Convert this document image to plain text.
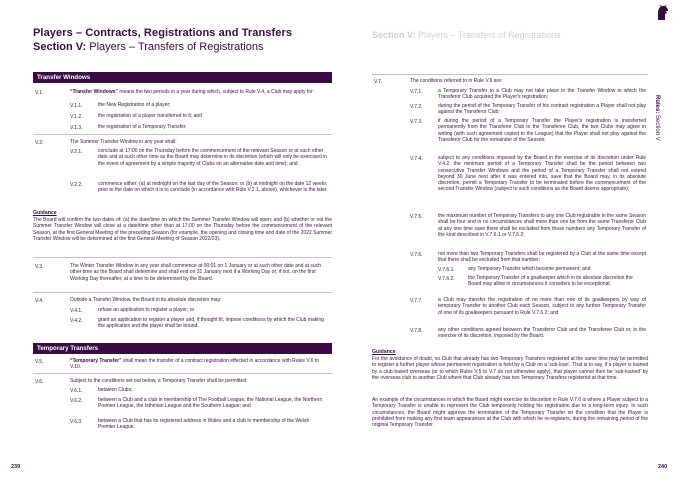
Players – Contracts, Registrations and Transfers
Section V: Players – Transfers of Registrations
Section V: Players – Transfers of Registrations
Rules: Section V
Transfer Windows
V.1.	“Transfer Windows” means the two periods in a year during which, subject to Rule V.4, a Club may apply for:
V.1.1.	the New Registration of a player;
V.1.2.	the registration of a player transferred to it; and
V.1.3.	the registration of a Temporary Transfer.
V.2.	The Summer Transfer Window in any year shall:
V.2.1.	conclude at 17:00 on the Thursday before the commencement of the relevant Season or at such other date and at such other time as the Board may determine in its discretion (which will only be exercised in the event of agreement by a simple majority of Clubs on an alternative date and time); and
V.2.2.	commence either: (a) at midnight on the last day of the Season; or (b) at midnight on the date 12 weeks prior to the date on which it is to conclude (in accordance with Rule V.2.1, above), whichever is the later.
Guidance
The Board will confirm the two dates of: (a) the date/time on which the Summer Transfer Window will open; and (b) whether or not the Summer Transfer Window will close at a date/time other than at 17:00 on the Thursday before the commencement of the relevant Season, at the first General Meeting of the preceding Season (for example, the opening and closing time and date of the 2022 Summer Transfer Window will be determined at the first General Meeting of Season 2022/23).
V.3.	The Winter Transfer Window in any year shall commence at 00:01 on 1 January or at such other date and at such other time as the Board shall determine and shall end on 31 January next if a Working Day or, if not, on the first Working Day thereafter, at a time to be determined by the Board.
V.4.	Outside a Transfer Window, the Board in its absolute discretion may:
V.4.1.	refuse an application to register a player; or
V.4.2.	grant an application to register a player and, if thought fit, impose conditions by which the Club making the application and the player shall be bound.
Temporary Transfers
V.5.	“Temporary Transfer” shall mean the transfer of a contract registration effected in accordance with Rules V.6 to V.10.
V.6.	Subject to the conditions set out below, a Temporary Transfer shall be permitted:
V.6.1.	between Clubs;
V.6.2.	between a Club and a club in membership of The Football League, the National League, the Northern Premier League, the Isthmian League and the Southern League; and
V.6.3.	between a Club that has its registered address in Wales and a club in membership of the Welsh Premier League.
V.7.	The conditions referred to in Rule V.6 are:
V.7.1.	a Temporary Transfer to a Club may not take place in the Transfer Window in which the Transferor Club acquired the Player's registration;
V.7.2.	during the period of the Temporary Transfer of his contract registration a Player shall not play against the Transferor Club;
V.7.3.	if during the period of a Temporary Transfer the Player's registration is transferred permanently from the Transferor Club to the Transferee Club, the two Clubs may agree in writing (with such agreement copied to the League) that the Player shall not play against the Transferor Club for the remainder of the Season;
V.7.4.	subject to any conditions imposed by the Board in the exercise of its discretion under Rule V.4.2, the minimum period of a Temporary Transfer shall be the period between two consecutive Transfer Windows and the period of a Temporary Transfer shall not extend beyond 30 June next after it was entered into, save that the Board may, in its absolute discretion, permit a Temporary Transfer to be terminated before the commencement of the second Transfer Window (subject to such conditions as the Board deems appropriate);
V.7.5.	the maximum number of Temporary Transfers to any one Club registrable in the same Season shall be four and in no circumstances shall more than one be from the same Transferor Club at any one time save there shall be excluded from these numbers any Temporary Transfer of the kind described in V.7.6.1 or V.7.6.2;
V.7.6.	not more than two Temporary Transfers shall be registered by a Club at the same time except that there shall be excluded from that number:
V.7.6.1.	any Temporary Transfer which become permanent; and
V.7.6.2.	the Temporary Transfer of a goalkeeper which in its absolute discretion the Board may allow in circumstances it considers to be exceptional.
V.7.7.	a Club may transfer the registration of no more than one of its goalkeepers by way of temporary Transfer to another Club each Season, subject to any further Temporary Transfer of one of its goalkeepers pursuant to Rule V.7.6.2; and
V.7.8.	any other conditions agreed between the Transferor Club and the Transferee Club or, in the exercise of its discretion, imposed by the Board.
Guidance
For the avoidance of doubt, no Club that already has two Temporary Transfers registered at the same time may be permitted to register a further player whose permanent registration is held by a Club on a 'sub-loan'. That is to say, if a player is loaned by a club based overseas (or to which Rules V.5 to V.7 do not otherwise apply), that player cannot then be 'sub-loaned' by the overseas club to another Club where that Club already has two Temporary Transfers registered at that time.
An example of the circumstances in which the Board might exercise its discretion in Rule V.7.6 is where a Player subject to a Temporary Transfer is unable to represent the Club temporarily holding his registration due to a long-term injury. In such circumstances, the Board might approve the termination of the Temporary Transfer on the condition that the Player is prohibited from making any first team appearances at the Club with which he re-registers, during the remaining period of the original Temporary Transfer.
239	240
